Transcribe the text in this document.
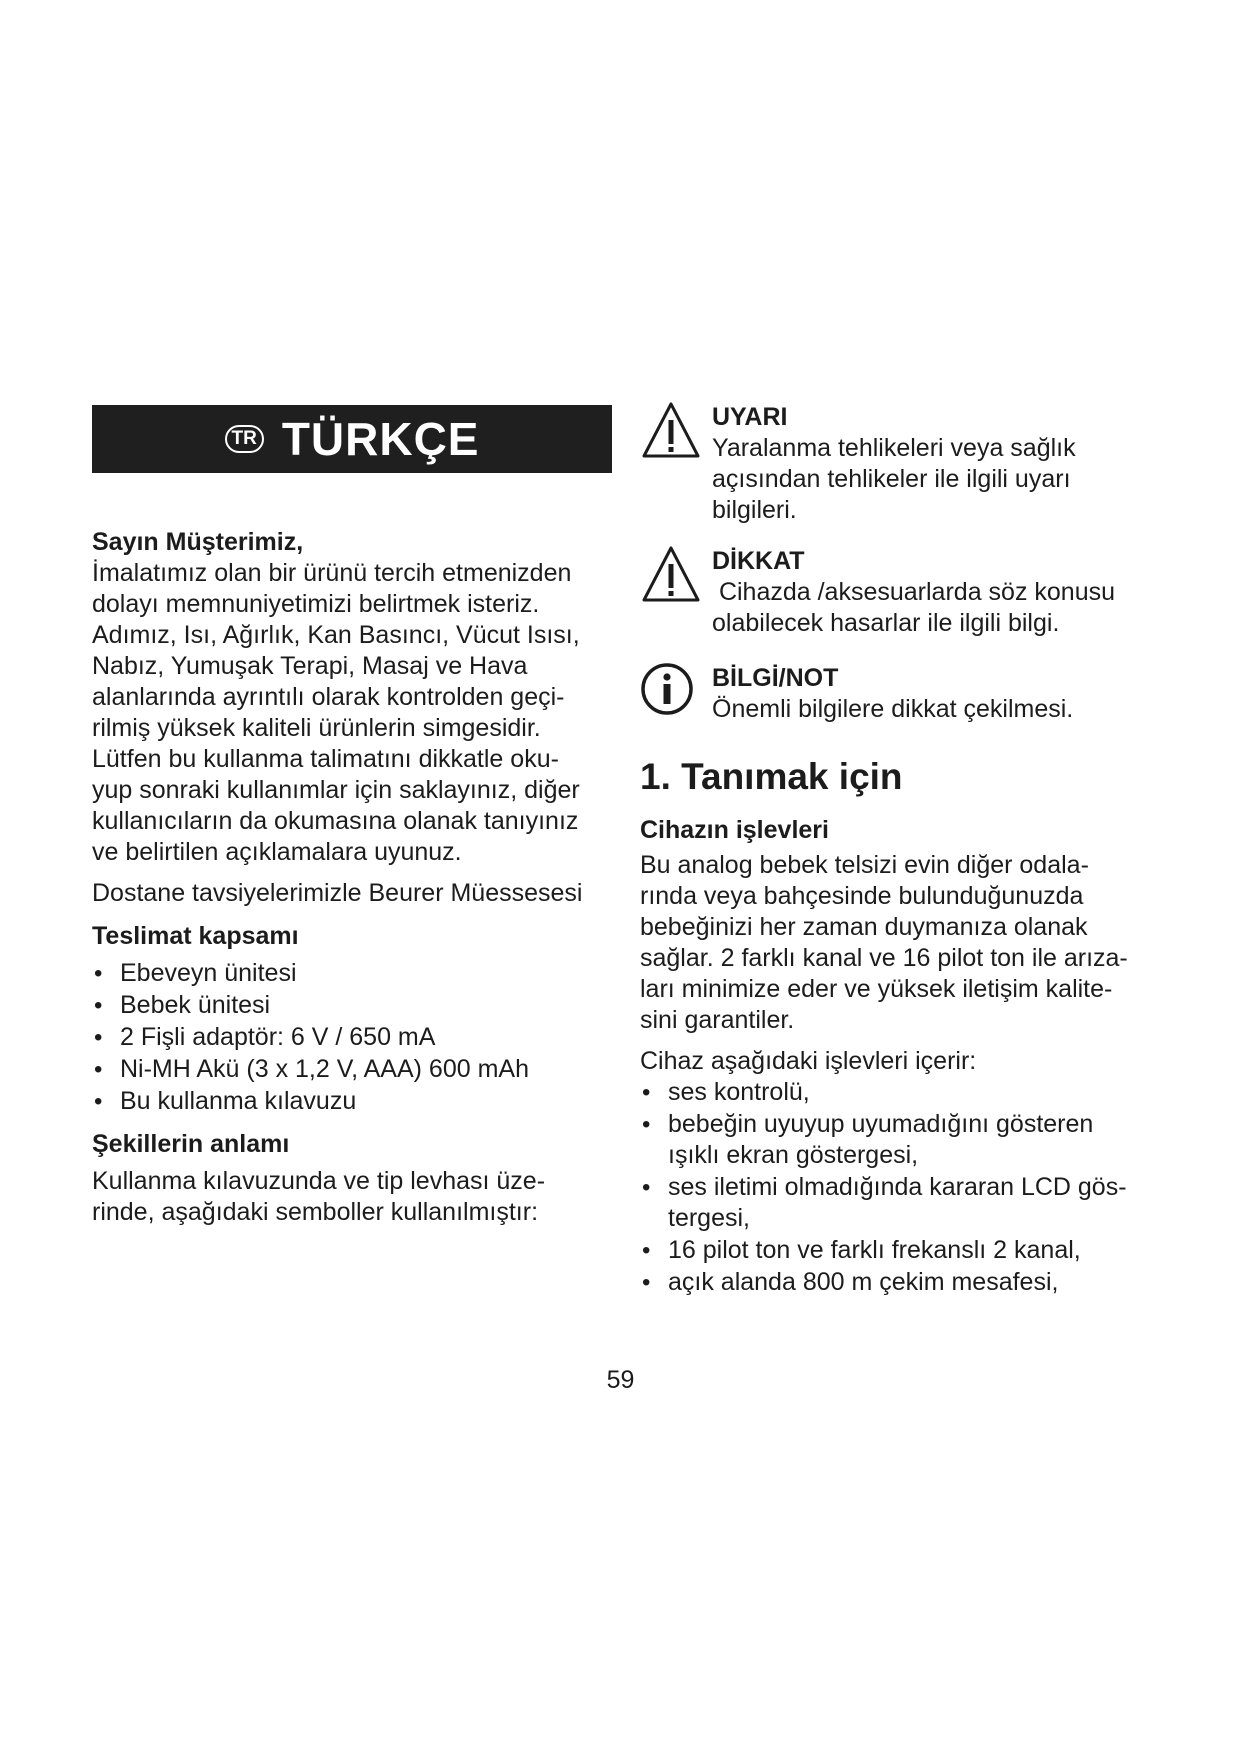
TR TÜRKÇE
Sayın Müşterimiz,

İmalatımız olan bir ürünü tercih etmenizden
dolayı memnuniyetimizi belirtmek isteriz.
Adımız, Isı, Ağırlık, Kan Basıncı, Vücut Isısı,
Nabız, Yumuşak Terapi, Masaj ve Hava
alanlarında ayrıntılı olarak kontrolden geçi-
rilmiş yüksek kaliteli ürünlerin simgesidir.
Lütfen bu kullanma talimatını dikkatle oku-
yup sonraki kullanımlar için saklayınız, diğer
kullanıcıların da okumasına olanak tanıyınız
ve belirtilen açıklamalara uyunuz.

Dostane tavsiyelerimizle Beurer Müessesesi

Teslimat kapsamı
• Ebeveyn ünitesi
• Bebek ünitesi
• 2 Fişli adaptör: 6 V / 650 mA
• Ni-MH Akü (3 x 1,2 V, AAA) 600 mAh
• Bu kullanma kılavuzu
Şekillerin anlamı

Kullanma kılavuzunda ve tip levhası üze-
rinde, aşağıdaki semboller kullanılmıştır:

UYARI

Yaralanma tehlikeleri veya sağlık
açısından tehlikeler ile ilgili uyarı
bilgileri.

DİKKAT

Cihazda /aksesuarlarda söz konusu
olabilecek hasarlar ile ilgili bilgi.

BİLGİ/NOT

Önemli bilgilere dikkat çekilmesi.

1. Tanımak için
Cihazın işlevleri

Bu analog bebek telsizi evin diğer odala-
rında veya bahçesinde bulunduğunuzda
bebeğinizi her zaman duymanıza olanak
sağlar. 2 farklı kanal ve 16 pilot ton ile arıza-
ları minimize eder ve yüksek iletişim kalite-
sini garantiler.

Cihaz aşağıdaki işlevleri içerir:

• ses kontrolü,
• bebeğin uyuyup uyumadığını gösteren
ışıklı ekran göstergesi,
• ses iletimi olmadığında kararan LCD gös-
tergesi,
• 16 pilot ton ve farklı frekanslı 2 kanal,
• açık alanda 800 m çekim mesafesi,
59
